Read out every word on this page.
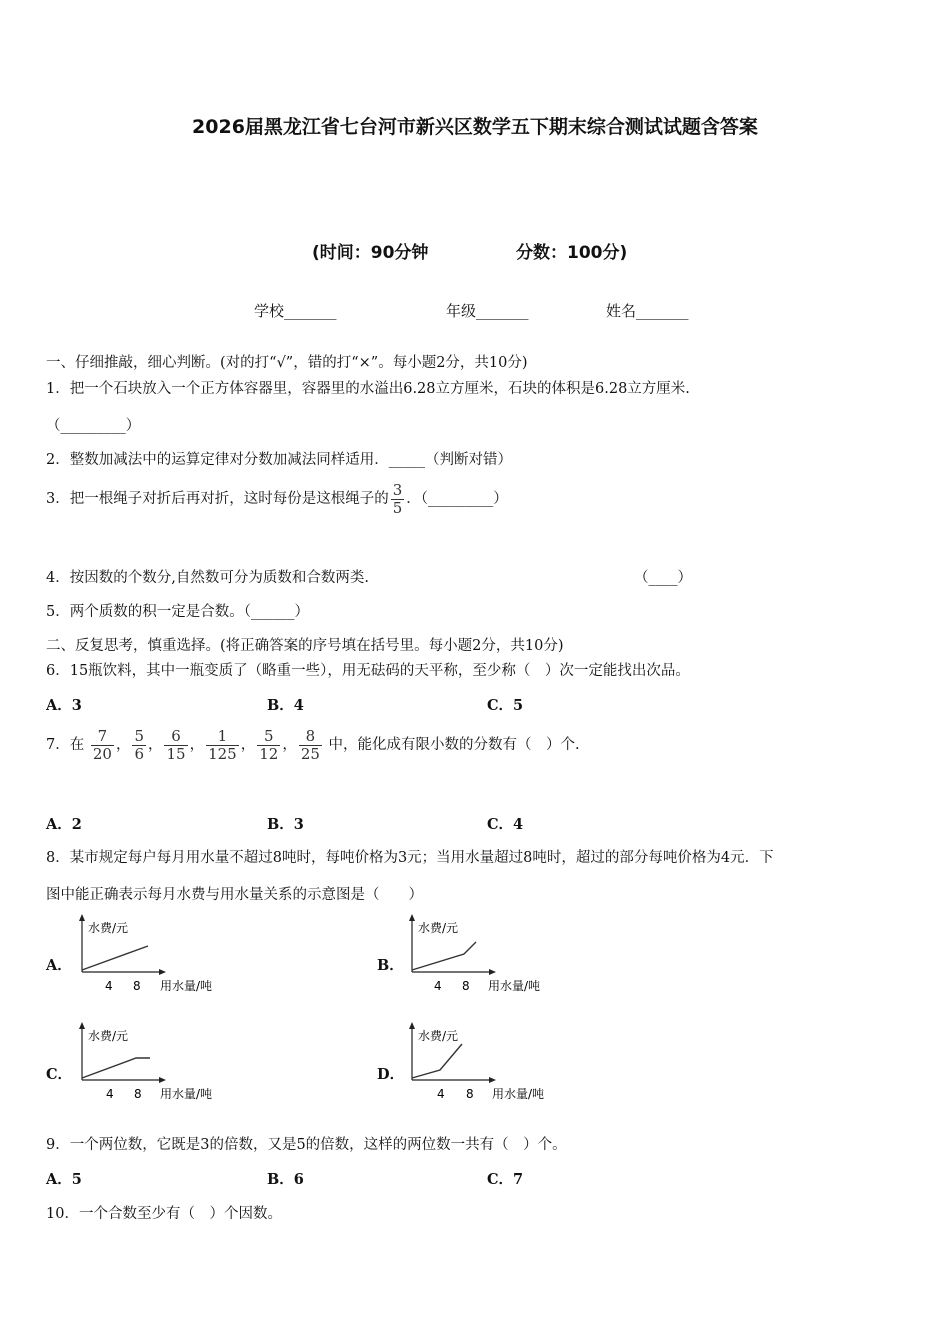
2026届黑龙江省七台河市新兴区数学五下期末综合测试试题含答案
(时间：90分钟	分数：100分)
学校_______	年级_______	姓名_______
一、仔细推敲，细心判断。(对的打“√”，错的打“×”。每小题2分，共10分)
1．把一个石块放入一个正方体容器里，容器里的水溢出6.28立方厘米，石块的体积是6.28立方厘米.
（_________）
2．整数加减法中的运算定律对分数加减法同样适用．_____（判断对错）
3．把一根绳子对折后再对折，这时每份是这根绳子的 $\frac{3}{5}$ ．（_________）
4．按因数的个数分,自然数可分为质数和合数两类.	（____）
5．两个质数的积一定是合数。（______）
二、反复思考，慎重选择。(将正确答案的序号填在括号里。每小题2分，共10分)
6．15瓶饮料，其中一瓶变质了（略重一些），用无砝码的天平称，至少称（　）次一定能找出次品。
A．3	B．4	C．5
7．在 $\frac{7}{20}$ ， $\frac{5}{6}$ ， $\frac{6}{15}$ ， $\frac{1}{125}$ ， $\frac{5}{12}$ ， $\frac{8}{25}$ 中，能化成有限小数的分数有（　）个.
A．2	B．3	C．4
8．某市规定每户每月用水量不超过8吨时，每吨价格为3元；当用水量超过8吨时，超过的部分每吨价格为4元．下
图中能正确表示每月水费与用水量关系的示意图是（　　）
A．	B．
C．	D．
水费/元
4 8 用水量/吨
水费/元
4 8 用水量/吨
水费/元
4 8 用水量/吨
水费/元
4 8 用水量/吨
9．一个两位数，它既是3的倍数，又是5的倍数，这样的两位数一共有（　）个。
A．5	B．6	C．7
10．一个合数至少有（　）个因数。
